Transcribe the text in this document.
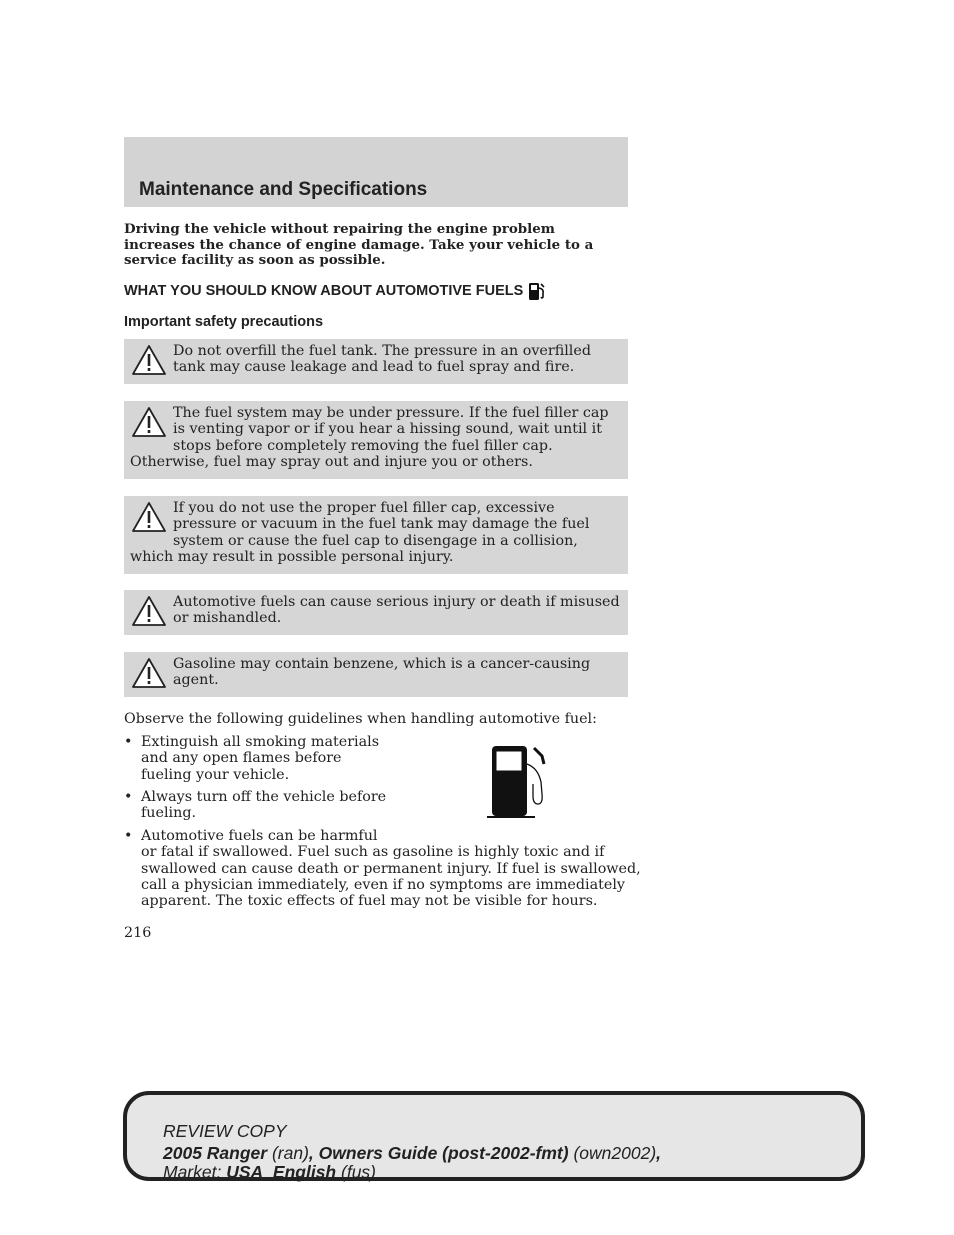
Maintenance and Specifications
Driving the vehicle without repairing the engine problem increases the chance of engine damage. Take your vehicle to a service facility as soon as possible.
WHAT YOU SHOULD KNOW ABOUT AUTOMOTIVE FUELS
Important safety precautions
Do not overfill the fuel tank. The pressure in an overfilled tank may cause leakage and lead to fuel spray and fire.
The fuel system may be under pressure. If the fuel filler cap is venting vapor or if you hear a hissing sound, wait until it stops before completely removing the fuel filler cap. Otherwise, fuel may spray out and injure you or others.
If you do not use the proper fuel filler cap, excessive pressure or vacuum in the fuel tank may damage the fuel system or cause the fuel cap to disengage in a collision, which may result in possible personal injury.
Automotive fuels can cause serious injury or death if misused or mishandled.
Gasoline may contain benzene, which is a cancer-causing agent.
Observe the following guidelines when handling automotive fuel:
• Extinguish all smoking materials
and any open flames before
fueling your vehicle.
• Always turn off the vehicle before
fueling.
• Automotive fuels can be harmful
or fatal if swallowed. Fuel such as gasoline is highly toxic and if
swallowed can cause death or permanent injury. If fuel is swallowed,
call a physician immediately, even if no symptoms are immediately
apparent. The toxic effects of fuel may not be visible for hours.
216
REVIEW COPY
2005 Ranger (ran), Owners Guide (post-2002-fmt) (own2002),
Market: USA_English (fus)
